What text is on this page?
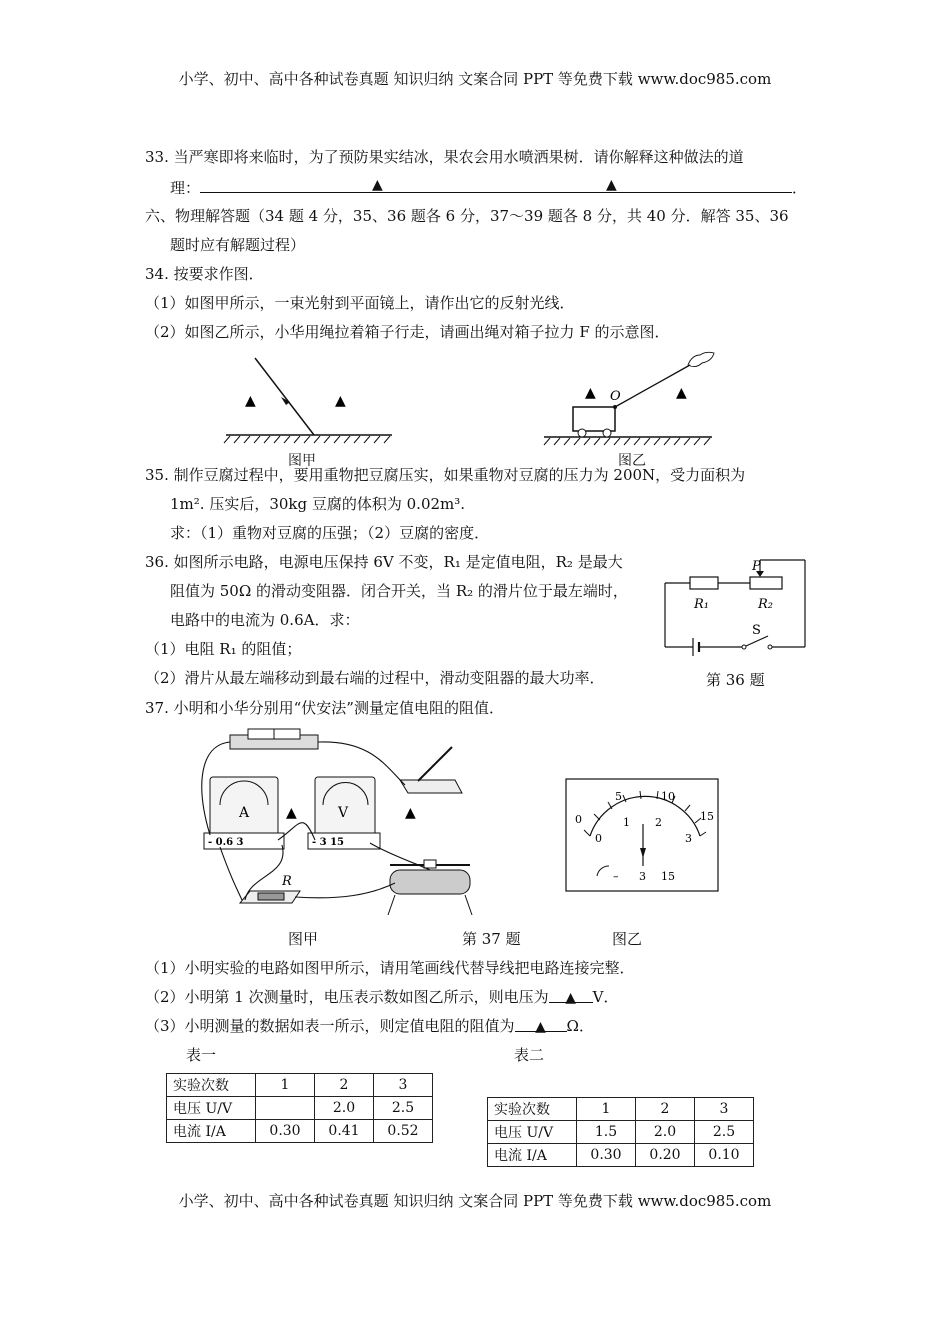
小学、初中、高中各种试卷真题 知识归纳 文案合同 PPT 等免费下载 www.doc985.com
小学、初中、高中各种试卷真题 知识归纳 文案合同 PPT 等免费下载 www.doc985.com
33. 当严寒即将来临时，为了预防果实结冰，果农会用水喷洒果树．请你解释这种做法的道
理：	▲	▲	．
六、物理解答题（34 题 4 分，35、36 题各 6 分，37～39 题各 8 分，共 40 分．解答 35、36
题时应有解题过程）
34. 按要求作图．
（1）如图甲所示，一束光射到平面镜上，请作出它的反射光线．
（2）如图乙所示，小华用绳拉着箱子行走，请画出绳对箱子拉力 F 的示意图．
▲	▲
图甲
O
▲	▲
图乙
35. 制作豆腐过程中，要用重物把豆腐压实，如果重物对豆腐的压力为 200N，受力面积为
1m². 压实后，30kg 豆腐的体积为 0.02m³.
求：（1）重物对豆腐的压强；（2）豆腐的密度．
36. 如图所示电路，电源电压保持 6V 不变，R₁ 是定值电阻，R₂ 是最大
阻值为 50Ω 的滑动变阻器．闭合开关，当 R₂ 的滑片位于最左端时，
电路中的电流为 0.6A．求：
（1）电阻 R₁ 的阻值；
（2）滑片从最左端移动到最右端的过程中，滑动变阻器的最大功率．	第 36 题
P
R₁	R₂
S
37. 小明和小华分别用“伏安法”测量定值电阻的阻值．
A
- 0.6 3
V
- 3 15
R
▲	▲
图甲	第 37 题	图乙
0
5	10
15
0
1 2
3
– 3 15
（1）小明实验的电路如图甲所示，请用笔画线代替导线把电路连接完整．
（2）小明第 1 次测量时，电压表示数如图乙所示，则电压为 ▲ V．
（3）小明测量的数据如表一所示，则定值电阻的阻值为 ▲ Ω．
表一	表二
实验次数	1	2	3
电压 U/V		2.0	2.5
电流 I/A	0.30	0.41	0.52
实验次数	1	2	3
电压 U/V	1.5	2.0	2.5
电流 I/A	0.30	0.20	0.10
